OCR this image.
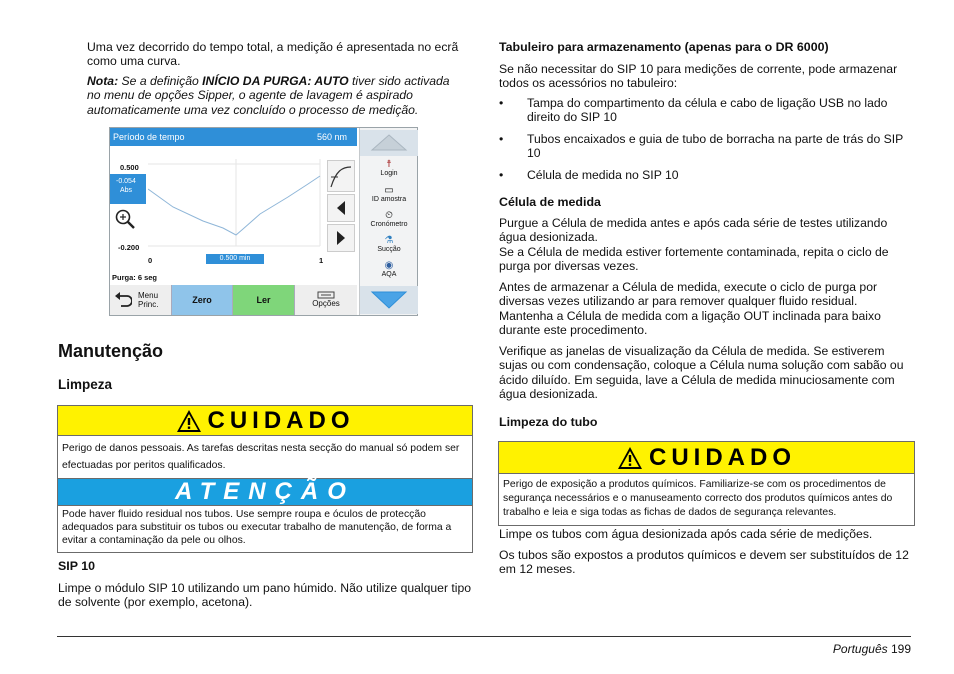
Uma vez decorrido do tempo total, a medição é apresentada no ecrã como uma curva.

Nota: Se a definição INÍCIO DA PURGA: AUTO tiver sido activada no menu de opções Sipper, o agente de lavagem é aspirado automaticamente uma vez concluído o processo de medição.

Período de tempo	560 nm
-0.054
Abs
0.500
-0.200
0	0.500 min	1
Purga: 6 seg
Menu
Princ.	Zero	Ler	Opções
☨
Login
▭
ID amostra
⏲
Cronómetro
⚗
Sucção
◉
AQA
Manutenção
Limpeza
CUIDADO
Perigo de danos pessoais. As tarefas descritas nesta secção do manual só podem ser efectuadas por peritos qualificados.
ATENÇÃO
Pode haver fluido residual nos tubos. Use sempre roupa e óculos de protecção adequados para substituir os tubos ou executar trabalho de manutenção, de forma a evitar a contaminação da pele ou olhos.
SIP 10

Limpe o módulo SIP 10 utilizando um pano húmido. Não utilize qualquer tipo de solvente (por exemplo, acetona).

Tabuleiro para armazenamento (apenas para o DR 6000)

Se não necessitar do SIP 10 para medições de corrente, pode armazenar todos os acessórios no tabuleiro:

• Tampa do compartimento da célula e cabo de ligação USB no lado direito do SIP 10
• Tubos encaixados e guia de tubo de borracha na parte de trás do SIP 10
• Célula de medida no SIP 10
Célula de medida

Purgue a Célula de medida antes e após cada série de testes utilizando água desionizada.

Se a Célula de medida estiver fortemente contaminada, repita o ciclo de purga por diversas vezes.

Antes de armazenar a Célula de medida, execute o ciclo de purga por diversas vezes utilizando ar para remover qualquer fluido residual. Mantenha a Célula de medida com a ligação OUT inclinada para baixo durante este procedimento.

Verifique as janelas de visualização da Célula de medida. Se estiverem sujas ou com condensação, coloque a Célula numa solução com sabão ou ácido diluído. Em seguida, lave a Célula de medida minuciosamente com água desionizada.

Limpeza do tubo
CUIDADO
Perigo de exposição a produtos químicos. Familiarize-se com os procedimentos de segurança necessários e o manuseamento correcto dos produtos químicos antes do trabalho e leia e siga todas as fichas de dados de segurança relevantes.

Limpe os tubos com água desionizada após cada série de medições.

Os tubos são expostos a produtos químicos e devem ser substituídos de 12 em 12 meses.

Português 199
